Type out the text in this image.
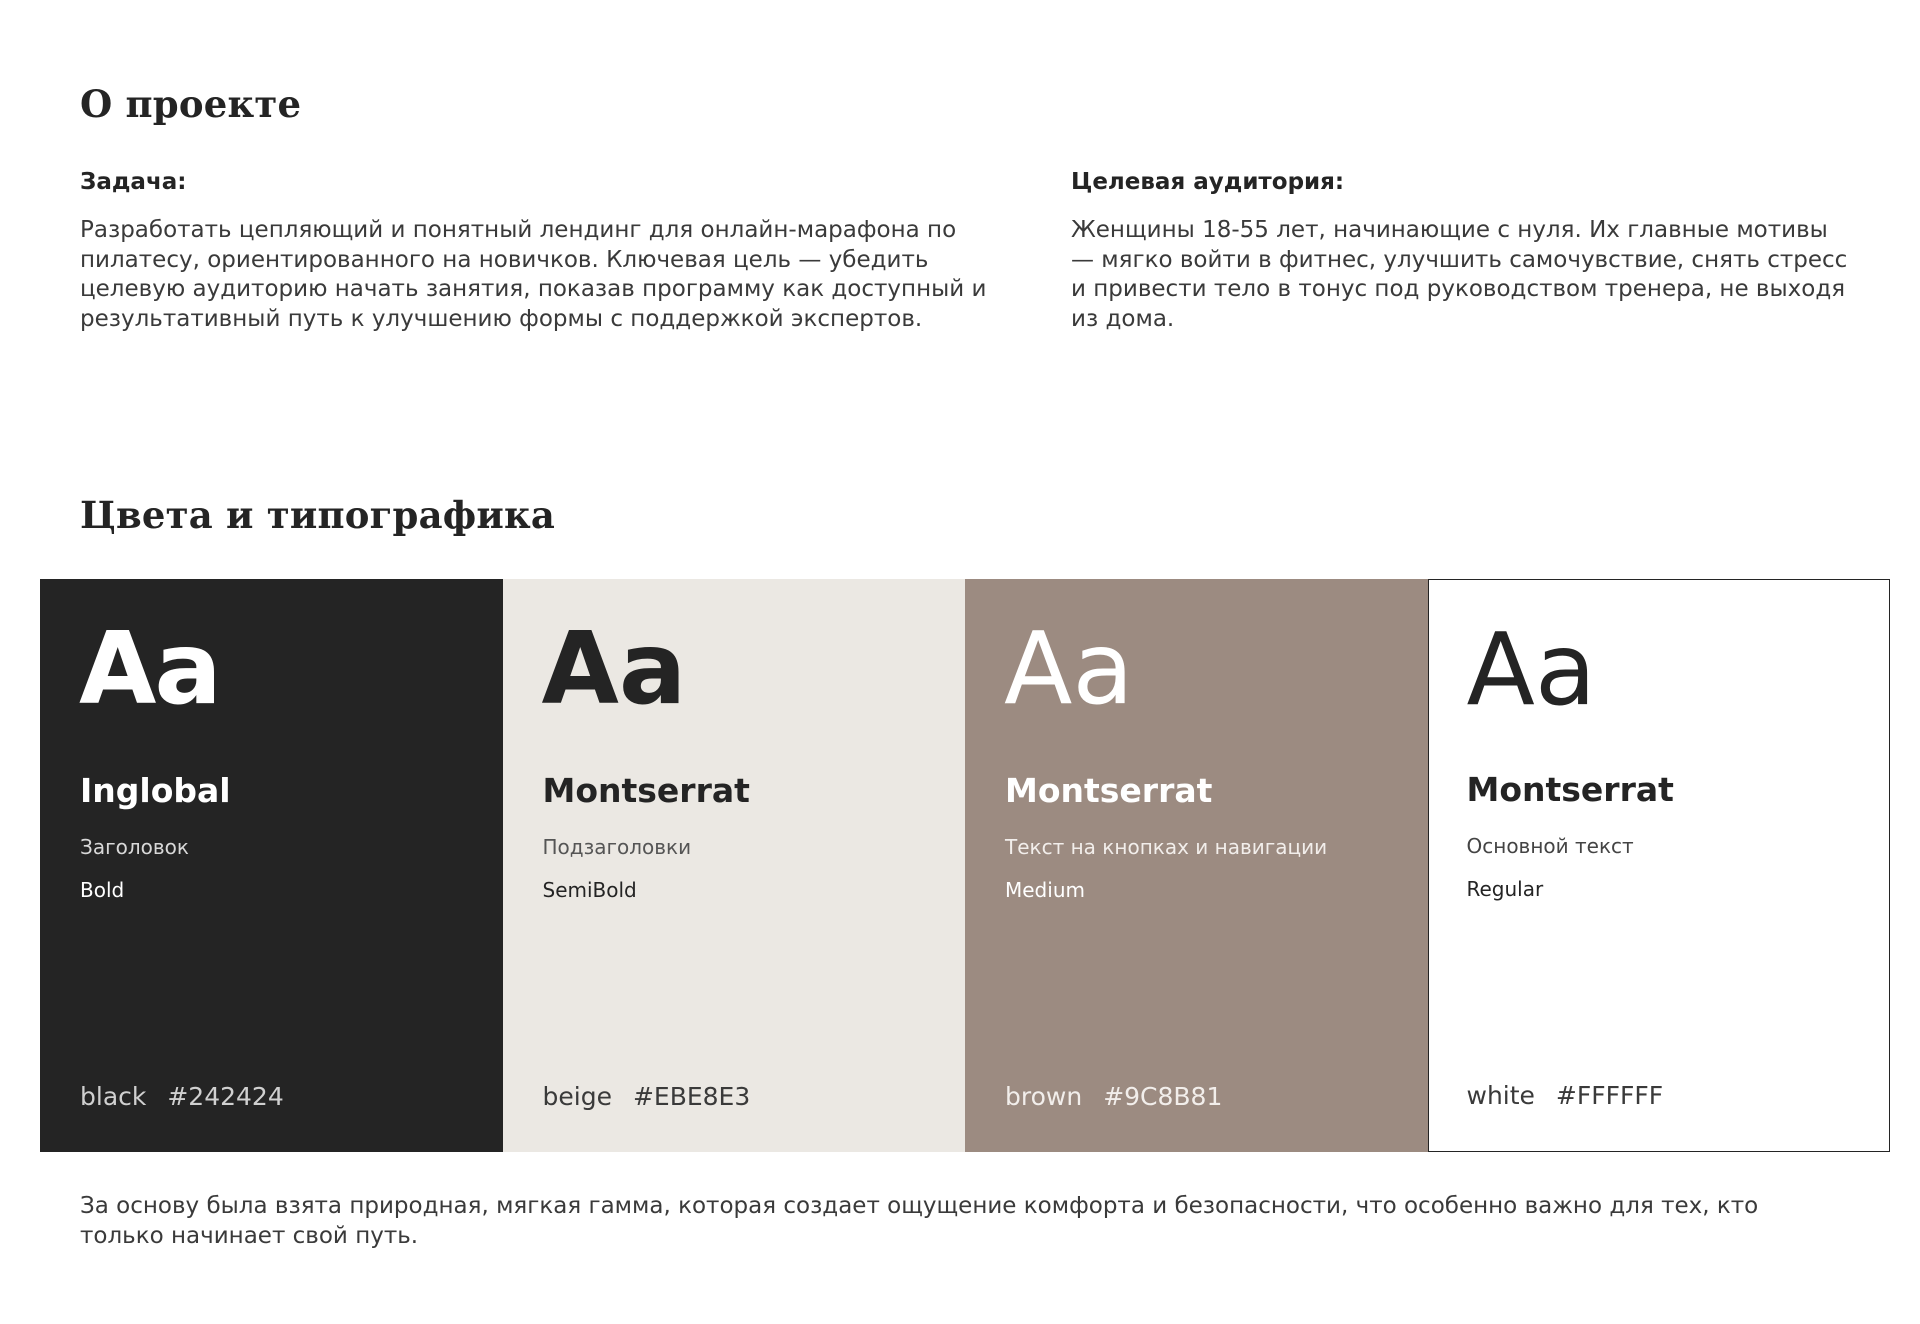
О проекте

Задача:

Разработать цепляющий и понятный лендинг для онлайн-марафона по пилатесу, ориентированного на новичков. Ключевая цель — убедить целевую аудиторию начать занятия, показав программу как доступный и результативный путь к улучшению формы с поддержкой экспертов.

Целевая аудитория:

Женщины 18-55 лет, начинающие с нуля. Их главные мотивы — мягко войти в фитнес, улучшить самочувствие, снять стресс и привести тело в тонус под руководством тренера, не выходя из дома.

Цвета и типографика

Aa

Inglobal
Заголовок
Bold
black #242424

Aa

Montserrat
Подзаголовки
SemiBold
beige #EBE8E3

Aa

Montserrat
Текст на кнопках и навигации
Medium
brown #9C8B81

Aa

Montserrat
Основной текст
Regular
white #FFFFFF

За основу была взята природная, мягкая гамма, которая создает ощущение комфорта и безопасности, что особенно важно для тех, кто только начинает свой путь.
